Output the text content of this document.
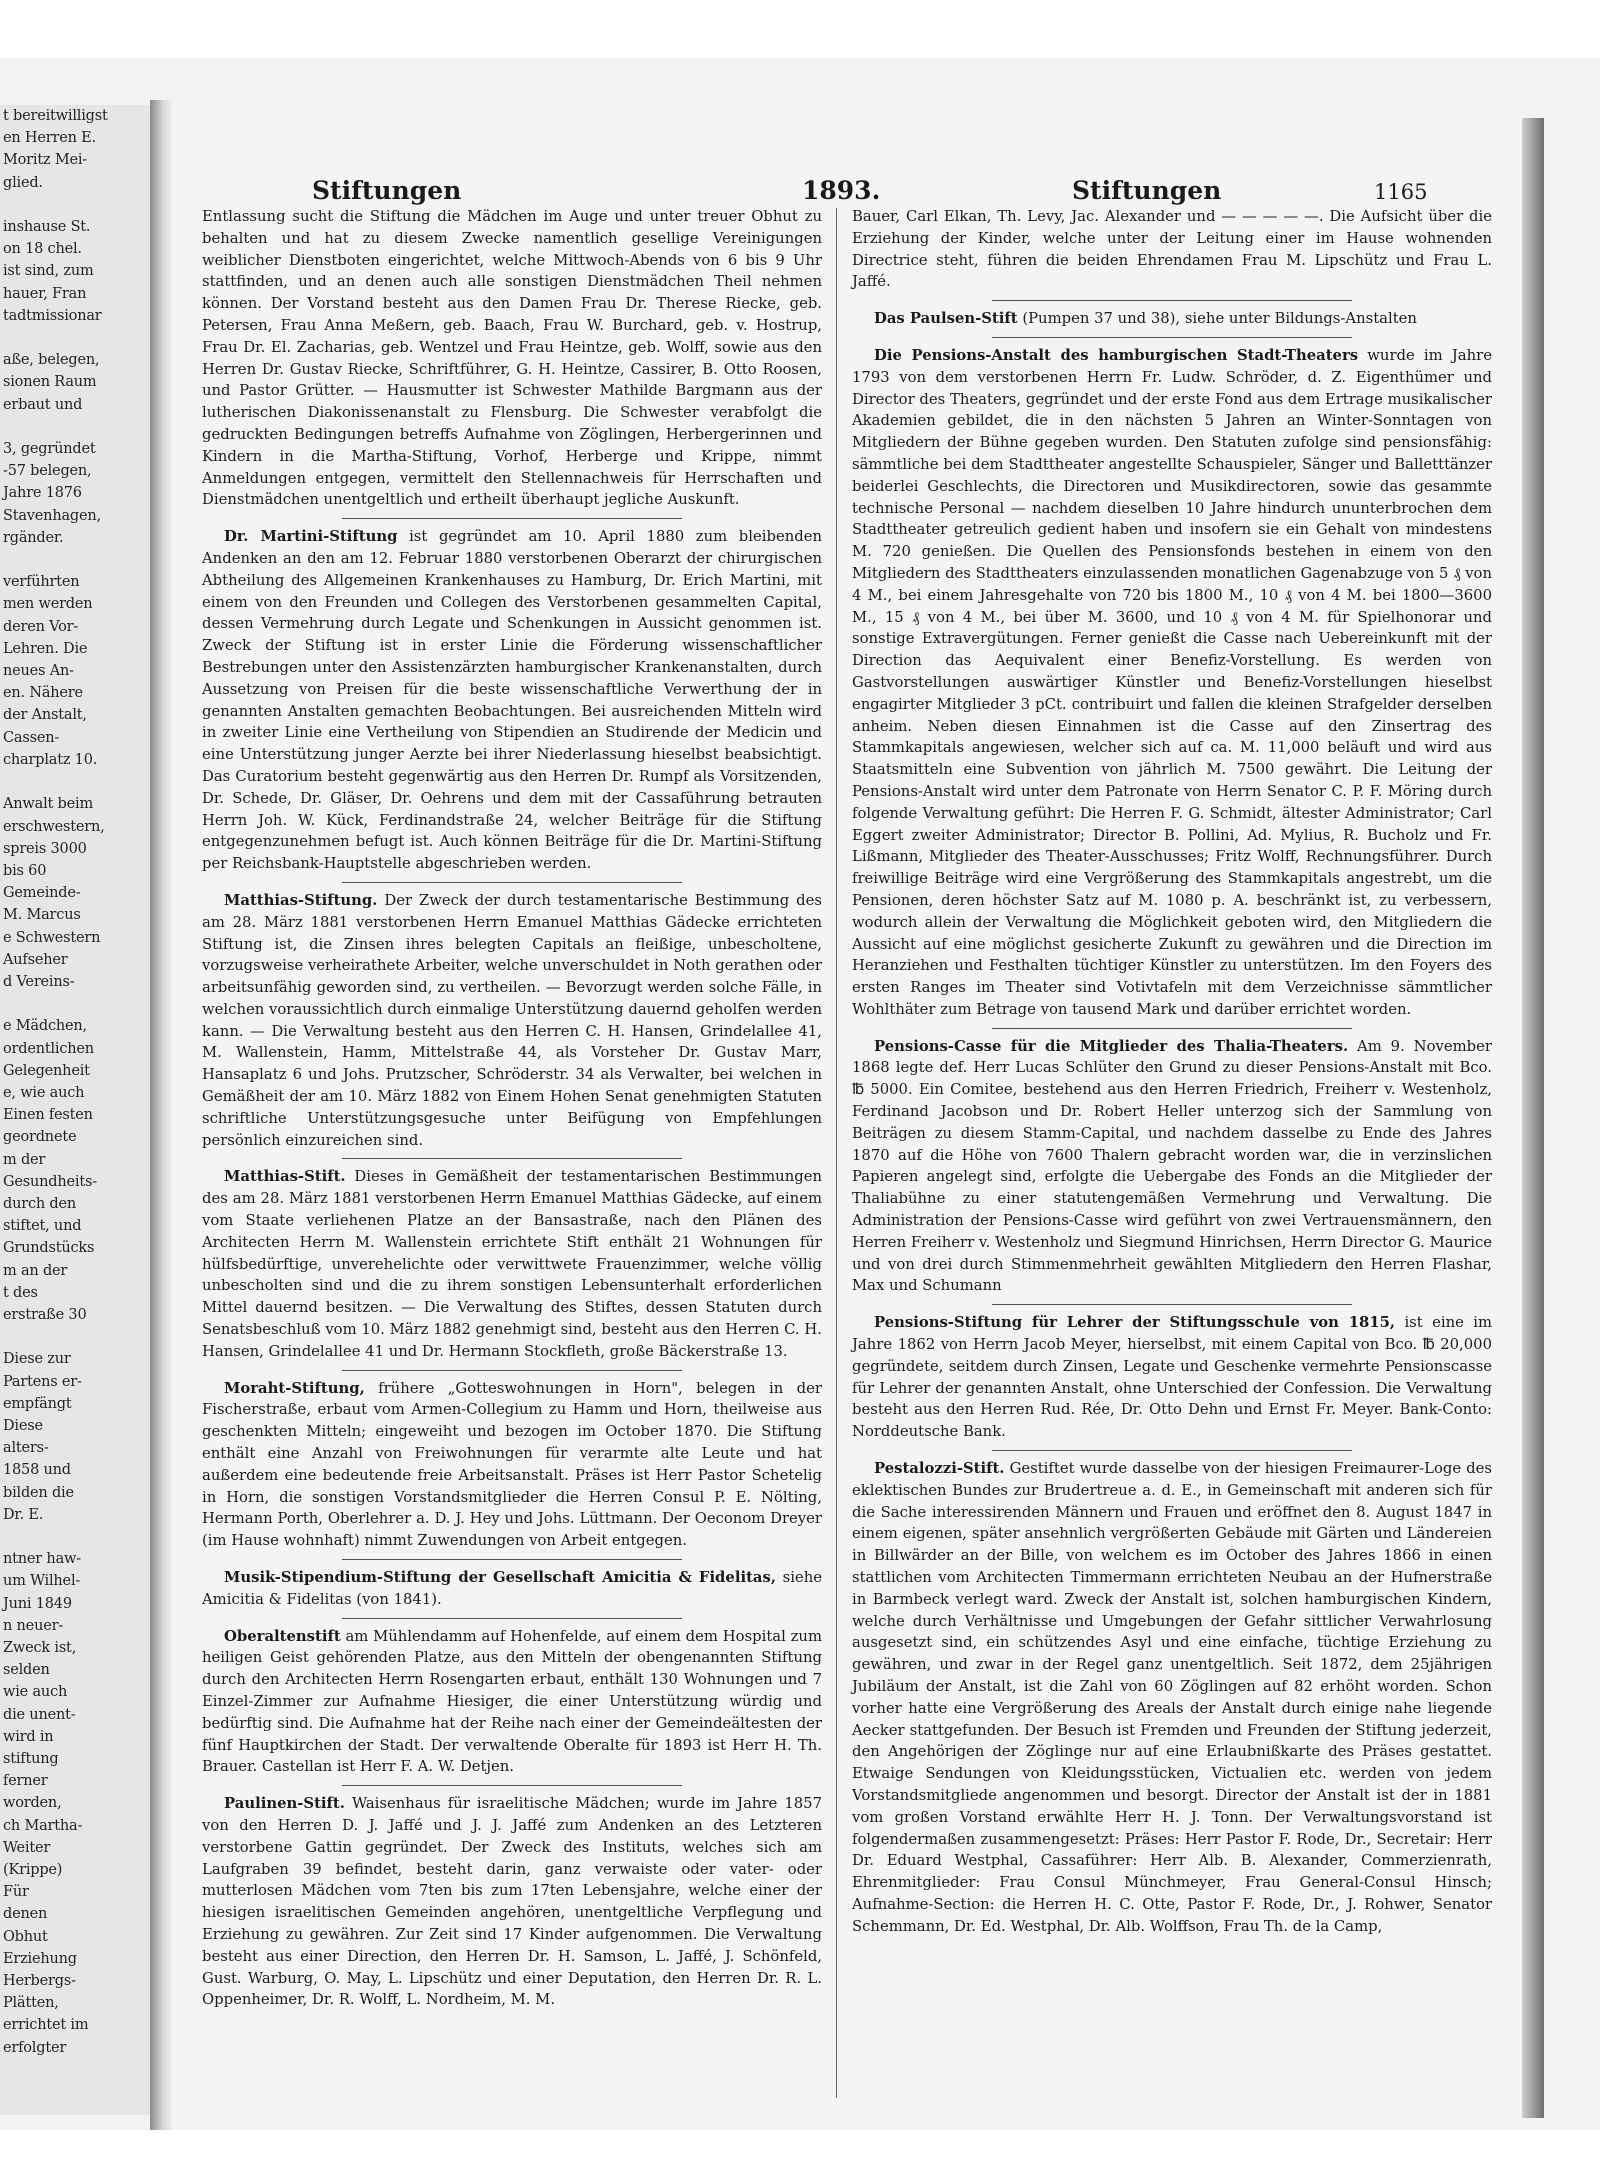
t bereitwilligst
en Herren E.
Moritz Mei-
glied.

inshause St.
on 18 chel.
ist sind, zum
hauer, Fran
tadtmissionar

aße, belegen,
sionen Raum
erbaut und

3, gegründet
-57 belegen,
Jahre 1876
Stavenhagen,
rgänder.

verführten
men werden
deren Vor-
Lehren. Die
neues An-
en. Nähere
der Anstalt,
Cassen-
charplatz 10.

Anwalt beim
erschwestern,
spreis 3000
bis 60
Gemeinde-
M. Marcus
e Schwestern
Aufseher
d Vereins-

e Mädchen,
ordentlichen
Gelegenheit
e, wie auch
Einen festen
geordnete
m der
Gesundheits-
durch den
stiftet, und
Grundstücks
m an der
t des
erstraße 30

Diese zur
Partens er-
empfängt
Diese
alters-
1858 und
bilden die
Dr. E.

ntner haw-
um Wilhel-
Juni 1849
n neuer-
Zweck ist,
selden
wie auch
die unent-
wird in
stiftung
ferner
worden,
ch Martha-
Weiter
(Krippe)
Für
denen
Obhut
Erziehung
Herbergs-
Plätten,
errichtet im
erfolgter
Stiftungen	1893.	Stiftungen	1165

Entlassung sucht die Stiftung die Mädchen im Auge und unter treuer Obhut zu behalten und hat zu diesem Zwecke namentlich gesellige Vereinigungen weiblicher Dienstboten eingerichtet, welche Mittwoch-Abends von 6 bis 9 Uhr stattfinden, und an denen auch alle sonstigen Dienstmädchen Theil nehmen können. Der Vorstand besteht aus den Damen Frau Dr. Therese Riecke, geb. Petersen, Frau Anna Meßern, geb. Baach, Frau W. Burchard, geb. v. Hostrup, Frau Dr. El. Zacharias, geb. Wentzel und Frau Heintze, geb. Wolff, sowie aus den Herren Dr. Gustav Riecke, Schriftführer, G. H. Heintze, Cassirer, B. Otto Roosen, und Pastor Grütter. — Hausmutter ist Schwester Mathilde Bargmann aus der lutherischen Diakonissenanstalt zu Flensburg. Die Schwester verabfolgt die gedruckten Bedingungen betreffs Aufnahme von Zöglingen, Herbergerinnen und Kindern in die Martha-Stiftung, Vorhof, Herberge und Krippe, nimmt Anmeldungen entgegen, vermittelt den Stellennachweis für Herrschaften und Dienstmädchen unentgeltlich und ertheilt überhaupt jegliche Auskunft.

Dr. Martini-Stiftung ist gegründet am 10. April 1880 zum bleibenden Andenken an den am 12. Februar 1880 verstorbenen Oberarzt der chirurgischen Abtheilung des Allgemeinen Krankenhauses zu Hamburg, Dr. Erich Martini, mit einem von den Freunden und Collegen des Verstorbenen gesammelten Capital, dessen Vermehrung durch Legate und Schenkungen in Aussicht genommen ist. Zweck der Stiftung ist in erster Linie die Förderung wissenschaftlicher Bestrebungen unter den Assistenzärzten hamburgischer Krankenanstalten, durch Aussetzung von Preisen für die beste wissenschaftliche Verwerthung der in genannten Anstalten gemachten Beobachtungen. Bei ausreichenden Mitteln wird in zweiter Linie eine Vertheilung von Stipendien an Studirende der Medicin und eine Unterstützung junger Aerzte bei ihrer Niederlassung hieselbst beabsichtigt. Das Curatorium besteht gegenwärtig aus den Herren Dr. Rumpf als Vorsitzenden, Dr. Schede, Dr. Gläser, Dr. Oehrens und dem mit der Cassaführung betrauten Herrn Joh. W. Kück, Ferdinandstraße 24, welcher Beiträge für die Stiftung entgegenzunehmen befugt ist. Auch können Beiträge für die Dr. Martini-Stiftung per Reichsbank-Hauptstelle abgeschrieben werden.

Matthias-Stiftung. Der Zweck der durch testamentarische Bestimmung des am 28. März 1881 verstorbenen Herrn Emanuel Matthias Gädecke errichteten Stiftung ist, die Zinsen ihres belegten Capitals an fleißige, unbescholtene, vorzugsweise verheirathete Arbeiter, welche unverschuldet in Noth gerathen oder arbeitsunfähig geworden sind, zu vertheilen. — Bevorzugt werden solche Fälle, in welchen voraussichtlich durch einmalige Unterstützung dauernd geholfen werden kann. — Die Verwaltung besteht aus den Herren C. H. Hansen, Grindelallee 41, M. Wallenstein, Hamm, Mittelstraße 44, als Vorsteher Dr. Gustav Marr, Hansaplatz 6 und Johs. Prutzscher, Schröderstr. 34 als Verwalter, bei welchen in Gemäßheit der am 10. März 1882 von Einem Hohen Senat genehmigten Statuten schriftliche Unterstützungsgesuche unter Beifügung von Empfehlungen persönlich einzureichen sind.

Matthias-Stift. Dieses in Gemäßheit der testamentarischen Bestimmungen des am 28. März 1881 verstorbenen Herrn Emanuel Matthias Gädecke, auf einem vom Staate verliehenen Platze an der Bansastraße, nach den Plänen des Architecten Herrn M. Wallenstein errichtete Stift enthält 21 Wohnungen für hülfsbedürftige, unverehelichte oder verwittwete Frauenzimmer, welche völlig unbescholten sind und die zu ihrem sonstigen Lebensunterhalt erforderlichen Mittel dauernd besitzen. — Die Verwaltung des Stiftes, dessen Statuten durch Senatsbeschluß vom 10. März 1882 genehmigt sind, besteht aus den Herren C. H. Hansen, Grindelallee 41 und Dr. Hermann Stockfleth, große Bäckerstraße 13.

Moraht-Stiftung, frühere „Gotteswohnungen in Horn", belegen in der Fischerstraße, erbaut vom Armen-Collegium zu Hamm und Horn, theilweise aus geschenkten Mitteln; eingeweiht und bezogen im October 1870. Die Stiftung enthält eine Anzahl von Freiwohnungen für verarmte alte Leute und hat außerdem eine bedeutende freie Arbeitsanstalt. Präses ist Herr Pastor Schetelig in Horn, die sonstigen Vorstandsmitglieder die Herren Consul P. E. Nölting, Hermann Porth, Oberlehrer a. D. J. Hey und Johs. Lüttmann. Der Oeconom Dreyer (im Hause wohnhaft) nimmt Zuwendungen von Arbeit entgegen.

Musik-Stipendium-Stiftung der Gesellschaft Amicitia & Fidelitas, siehe Amicitia & Fidelitas (von 1841).

Oberaltenstift am Mühlendamm auf Hohenfelde, auf einem dem Hospital zum heiligen Geist gehörenden Platze, aus den Mitteln der obengenannten Stiftung durch den Architecten Herrn Rosengarten erbaut, enthält 130 Wohnungen und 7 Einzel-Zimmer zur Aufnahme Hiesiger, die einer Unterstützung würdig und bedürftig sind. Die Aufnahme hat der Reihe nach einer der Gemeindeältesten der fünf Hauptkirchen der Stadt. Der verwaltende Oberalte für 1893 ist Herr H. Th. Brauer. Castellan ist Herr F. A. W. Detjen.

Paulinen-Stift. Waisenhaus für israelitische Mädchen; wurde im Jahre 1857 von den Herren D. J. Jaffé und J. J. Jaffé zum Andenken an des Letzteren verstorbene Gattin gegründet. Der Zweck des Instituts, welches sich am Laufgraben 39 befindet, besteht darin, ganz verwaiste oder vater- oder mutterlosen Mädchen vom 7ten bis zum 17ten Lebensjahre, welche einer der hiesigen israelitischen Gemeinden angehören, unentgeltliche Verpflegung und Erziehung zu gewähren. Zur Zeit sind 17 Kinder aufgenommen. Die Verwaltung besteht aus einer Direction, den Herren Dr. H. Samson, L. Jaffé, J. Schönfeld, Gust. Warburg, O. May, L. Lipschütz und einer Deputation, den Herren Dr. R. L. Oppenheimer, Dr. R. Wolff, L. Nordheim, M. M.

Bauer, Carl Elkan, Th. Levy, Jac. Alexander und — — — — —. Die Aufsicht über die Erziehung der Kinder, welche unter der Leitung einer im Hause wohnenden Directrice steht, führen die beiden Ehrendamen Frau M. Lipschütz und Frau L. Jaffé.

Das Paulsen-Stift (Pumpen 37 und 38), siehe unter Bildungs-Anstalten

Die Pensions-Anstalt des hamburgischen Stadt-Theaters wurde im Jahre 1793 von dem verstorbenen Herrn Fr. Ludw. Schröder, d. Z. Eigenthümer und Director des Theaters, gegründet und der erste Fond aus dem Ertrage musikalischer Akademien gebildet, die in den nächsten 5 Jahren an Winter-Sonntagen von Mitgliedern der Bühne gegeben wurden. Den Statuten zufolge sind pensionsfähig: sämmtliche bei dem Stadttheater angestellte Schauspieler, Sänger und Balletttänzer beiderlei Geschlechts, die Directoren und Musikdirectoren, sowie das gesammte technische Personal — nachdem dieselben 10 Jahre hindurch ununterbrochen dem Stadttheater getreulich gedient haben und insofern sie ein Gehalt von mindestens M. 720 genießen. Die Quellen des Pensionsfonds bestehen in einem von den Mitgliedern des Stadttheaters einzulassenden monatlichen Gagenabzuge von 5 ₰ von 4 M., bei einem Jahresgehalte von 720 bis 1800 M., 10 ₰ von 4 M. bei 1800—3600 M., 15 ₰ von 4 M., bei über M. 3600, und 10 ₰ von 4 M. für Spielhonorar und sonstige Extravergütungen. Ferner genießt die Casse nach Uebereinkunft mit der Direction das Aequivalent einer Benefiz-Vorstellung. Es werden von Gastvorstellungen auswärtiger Künstler und Benefiz-Vorstellungen hieselbst engagirter Mitglieder 3 pCt. contribuirt und fallen die kleinen Strafgelder derselben anheim. Neben diesen Einnahmen ist die Casse auf den Zinsertrag des Stammkapitals angewiesen, welcher sich auf ca. M. 11,000 beläuft und wird aus Staatsmitteln eine Subvention von jährlich M. 7500 gewährt. Die Leitung der Pensions-Anstalt wird unter dem Patronate von Herrn Senator C. P. F. Möring durch folgende Verwaltung geführt: Die Herren F. G. Schmidt, ältester Administrator; Carl Eggert zweiter Administrator; Director B. Pollini, Ad. Mylius, R. Bucholz und Fr. Lißmann, Mitglieder des Theater-Ausschusses; Fritz Wolff, Rechnungsführer. Durch freiwillige Beiträge wird eine Vergrößerung des Stammkapitals angestrebt, um die Pensionen, deren höchster Satz auf M. 1080 p. A. beschränkt ist, zu verbessern, wodurch allein der Verwaltung die Möglichkeit geboten wird, den Mitgliedern die Aussicht auf eine möglichst gesicherte Zukunft zu gewähren und die Direction im Heranziehen und Festhalten tüchtiger Künstler zu unterstützen. Im den Foyers des ersten Ranges im Theater sind Votivtafeln mit dem Verzeichnisse sämmtlicher Wohlthäter zum Betrage von tausend Mark und darüber errichtet worden.

Pensions-Casse für die Mitglieder des Thalia-Theaters. Am 9. November 1868 legte def. Herr Lucas Schlüter den Grund zu dieser Pensions-Anstalt mit Bco. ℔ 5000. Ein Comitee, bestehend aus den Herren Friedrich, Freiherr v. Westenholz, Ferdinand Jacobson und Dr. Robert Heller unterzog sich der Sammlung von Beiträgen zu diesem Stamm-Capital, und nachdem dasselbe zu Ende des Jahres 1870 auf die Höhe von 7600 Thalern gebracht worden war, die in verzinslichen Papieren angelegt sind, erfolgte die Uebergabe des Fonds an die Mitglieder der Thaliabühne zu einer statutengemäßen Vermehrung und Verwaltung. Die Administration der Pensions-Casse wird geführt von zwei Vertrauensmännern, den Herren Freiherr v. Westenholz und Siegmund Hinrichsen, Herrn Director G. Maurice und von drei durch Stimmenmehrheit gewählten Mitgliedern den Herren Flashar, Max und Schumann

Pensions-Stiftung für Lehrer der Stiftungsschule von 1815, ist eine im Jahre 1862 von Herrn Jacob Meyer, hierselbst, mit einem Capital von Bco. ℔ 20,000 gegründete, seitdem durch Zinsen, Legate und Geschenke vermehrte Pensionscasse für Lehrer der genannten Anstalt, ohne Unterschied der Confession. Die Verwaltung besteht aus den Herren Rud. Rée, Dr. Otto Dehn und Ernst Fr. Meyer. Bank-Conto: Norddeutsche Bank.

Pestalozzi-Stift. Gestiftet wurde dasselbe von der hiesigen Freimaurer-Loge des eklektischen Bundes zur Brudertreue a. d. E., in Gemeinschaft mit anderen sich für die Sache interessirenden Männern und Frauen und eröffnet den 8. August 1847 in einem eigenen, später ansehnlich vergrößerten Gebäude mit Gärten und Ländereien in Billwärder an der Bille, von welchem es im October des Jahres 1866 in einen stattlichen vom Architecten Timmermann errichteten Neubau an der Hufnerstraße in Barmbeck verlegt ward. Zweck der Anstalt ist, solchen hamburgischen Kindern, welche durch Verhältnisse und Umgebungen der Gefahr sittlicher Verwahrlosung ausgesetzt sind, ein schützendes Asyl und eine einfache, tüchtige Erziehung zu gewähren, und zwar in der Regel ganz unentgeltlich. Seit 1872, dem 25jährigen Jubiläum der Anstalt, ist die Zahl von 60 Zöglingen auf 82 erhöht worden. Schon vorher hatte eine Vergrößerung des Areals der Anstalt durch einige nahe liegende Aecker stattgefunden. Der Besuch ist Fremden und Freunden der Stiftung jederzeit, den Angehörigen der Zöglinge nur auf eine Erlaubnißkarte des Präses gestattet. Etwaige Sendungen von Kleidungsstücken, Victualien etc. werden von jedem Vorstandsmitgliede angenommen und besorgt. Director der Anstalt ist der in 1881 vom großen Vorstand erwählte Herr H. J. Tonn. Der Verwaltungsvorstand ist folgendermaßen zusammengesetzt: Präses: Herr Pastor F. Rode, Dr., Secretair: Herr Dr. Eduard Westphal, Cassaführer: Herr Alb. B. Alexander, Commerzienrath, Ehrenmitglieder: Frau Consul Münchmeyer, Frau General-Consul Hinsch; Aufnahme-Section: die Herren H. C. Otte, Pastor F. Rode, Dr., J. Rohwer, Senator Schemmann, Dr. Ed. Westphal, Dr. Alb. Wolffson, Frau Th. de la Camp,
